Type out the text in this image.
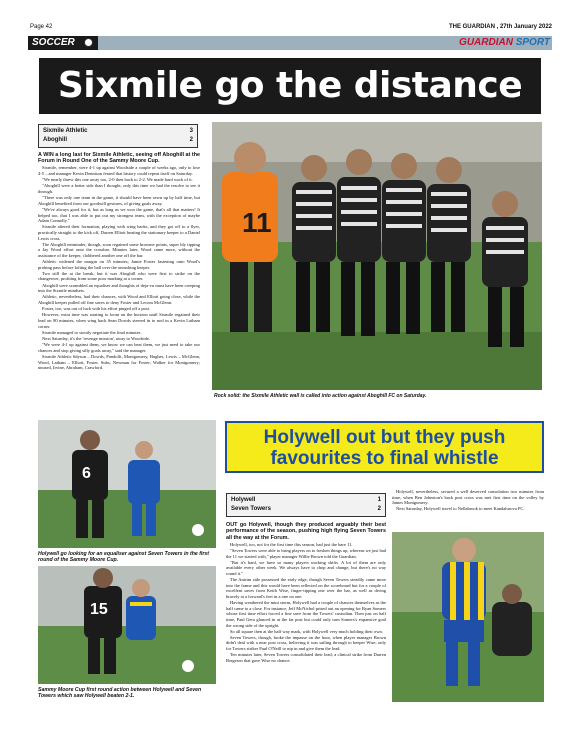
Page 42	THE GUARDIAN , 27th January 2022
SOCCER	GUARDIAN SPORT
Sixmile go the distance
Sixmile Athletic	3
Aboghill	2

A WIN a long last for Sixmile Athletic, seeing off Aboghill at the Forum in Round One of the Sammy Moore Cup.

Sixmile, remember, were 4-1 up against Woodside a couple of weeks ago, only to lose 4-5 – and manager Kevin Dennison feared that history could repeat itself on Saturday.

"We nearly threw this one away too, 2-0 then back to 2-2. We made hard work of it.

"Aboghill were a better side than I thought, only this time we had the resolve to see it through.

"There was only one team in the game, it should have been sewn up by half time, but Aboghill benefited from our goodwill gestures, of giving goals away.

"We've always good for it, but as long as we won the game, that's all that matters! It helped too, that I was able to put out my strongest team, with the exception of maybe Adam Connolly."

Sixmile altered their formation, playing with wing backs, and they got off to a flyer, practically straight to the kick off, Darren Elliott beating the stationary keeper to a Daniel Lewis cross.

The Aboghill netminder, though, soon regained some brownie points, super bly tipping a Jay Wood effort onto the crossbar. Minutes later, Wood came more, without the assistance of the keeper, clobbered another one off the bar.

Athletic widened the margin on 35 minutes; Jamie Foster fastening onto Wood's probing pass before lofting the ball over the onrushing keeper.

Two still the at the break, but it was Aboghill who were first to strike on the changeover, profiting from some poor marking at a corner.

Aboghill were scrambled an equaliser and thoughts of deja-vu must have been creeping into the Sixmile mindsets.

Athletic, nevertheless, had their chances, with Wood and Elliott going close, while the Aboghill keeper pulled off fine saves to deny Foster and Lecom McGlenn.

Foster, too, was out of luck with his effort pinged off a post.

However, extra time was starting to loom on the horizon until Sixmile regained their lead on 80 minutes, when wing back Sean Dowds steered in to nod in a Kevin Latham corner.

Sixmile managed to stoutly negotiate the final minutes.

Next Saturday, it's the 'revenge mission', away to Woodside.

"We were 4-1 up against them, we know we can beat them, we just need to take our chances and stop giving silly goals away," said the manager.

Sixmile Athletic 6dyson – Dowds, Pandolfi, Montgomery, Hughes, Lewis – McGlenn, Wood, Latham – Elliott, Foster. Subs, Newman for Foster, Walker for Montgomery; unused, Irvine, Abraham, Crawford.

11
Rock solid: the Sixmile Athletic wall is called into action against Aboghill FC on Saturday.
6
Holywell go looking for an equaliser against Seven Towers in the first round of the Sammy Moore Cup.
15
Sammy Moore Cup first round action between Holywell and Seven Towers which saw Holywell beaten 2-1.
Holywell out but they push
favourites to final whistle
Holywell	1
Seven Towers	2

OUT go Holywell, though they produced arguably their best performance of the season, pushing high flying Seven Towers all the way at the Forum.

Holywell, too, not for the first time this season, had just the bare 11.

"Seven Towers were able to bring players on to freshen things up, whereas we just had the 11 we started with," player manager Willie Brown told the Guardian.

"But it's hard, we have so many players working shifts. A lot of them are only available every other week. We always have to chop and change, but there's no way round it."

The Antrim side possessed the early edge, though Seven Towers steadily came more into the frame and this would have been reflected on the scoreboard but for a couple of excellent saves from Keith Wise, finger-tipping one over the bar, as well as diving bravely at a forward's feet in a one on one.

Having weathered the mini storm, Holywell had a couple of chances themselves as the half came to a close. For instance, Jeff McNichol prised out an opening for Ryan Somers whose first time effort forced a fine save from the Towers' custodian. Then just on half time, Paul Gera glanced in at the far post but could only turn Somers's expansive goal the wrong side of the upright.

So all square then at the half way mark, with Holywell very much holding their own.

Seven Towers, though, broke the impasse on the hour, when player manager Brown didn't deal with a near post cross, believing it was sailing through to keeper Wise; only for Towers striker Paul O'Neill to nip in and give them the lead.

Ten minutes later, Seven Towers consolidated their lead; a clinical strike from Darren Bergeron that gave Wise no chance.

Holywell, nevertheless, secured a well deserved consolation two minutes from time, when Ben Johnston's back post cross was met first time on the volley by James Montgomery.

Next Saturday, Holywell travel to Nellabrook to meet Kandalurova FC.
